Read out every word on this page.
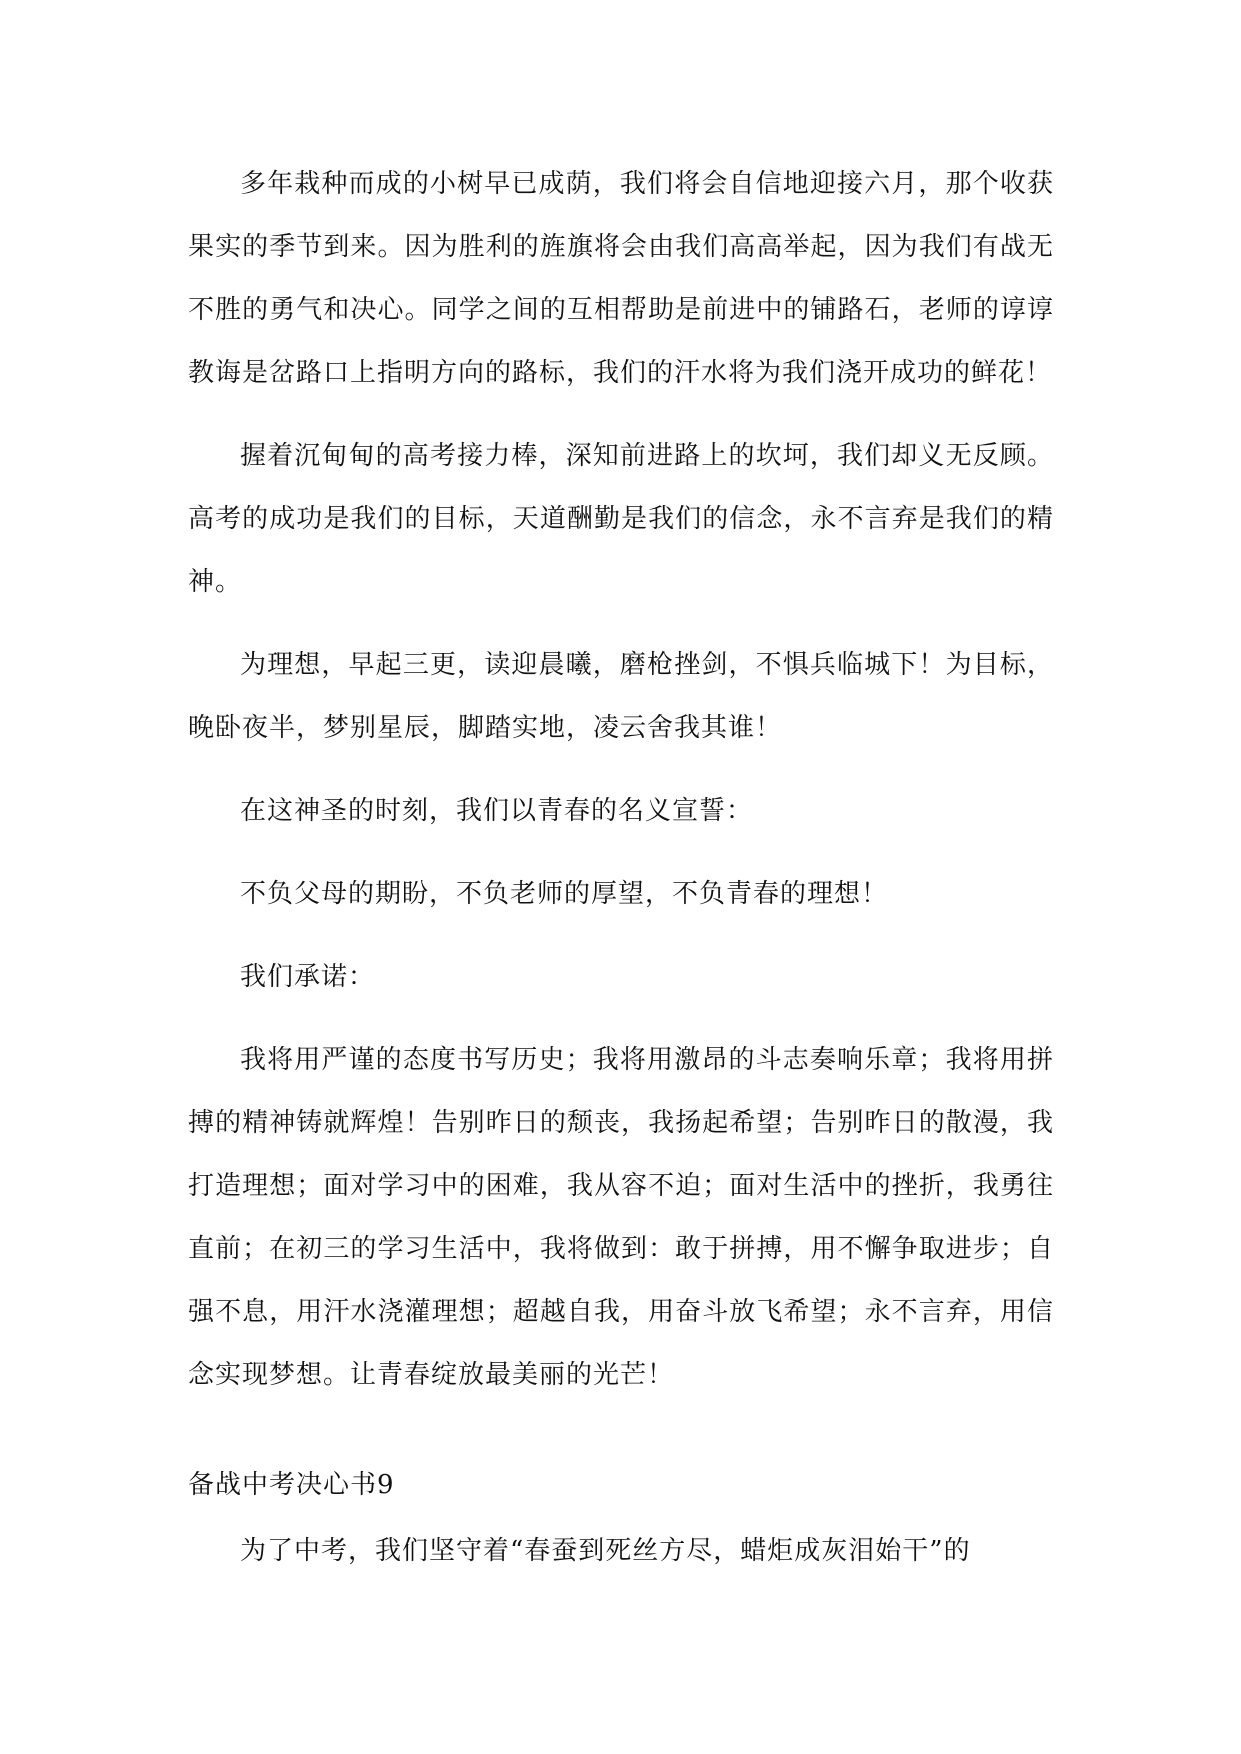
多年栽种而成的小树早已成荫，我们将会自信地迎接六月，那个收获果实的季节到来。因为胜利的旌旗将会由我们高高举起，因为我们有战无不胜的勇气和决心。同学之间的互相帮助是前进中的铺路石，老师的谆谆教诲是岔路口上指明方向的路标，我们的汗水将为我们浇开成功的鲜花！

握着沉甸甸的高考接力棒，深知前进路上的坎坷，我们却义无反顾。高考的成功是我们的目标，天道酬勤是我们的信念，永不言弃是我们的精神。

为理想，早起三更，读迎晨曦，磨枪挫剑，不惧兵临城下！为目标，晚卧夜半，梦别星辰，脚踏实地，凌云舍我其谁！

在这神圣的时刻，我们以青春的名义宣誓：

不负父母的期盼，不负老师的厚望，不负青春的理想！

我们承诺：

我将用严谨的态度书写历史；我将用激昂的斗志奏响乐章；我将用拼搏的精神铸就辉煌！告别昨日的颓丧，我扬起希望；告别昨日的散漫，我打造理想；面对学习中的困难，我从容不迫；面对生活中的挫折，我勇往直前；在初三的学习生活中，我将做到：敢于拼搏，用不懈争取进步；自强不息，用汗水浇灌理想；超越自我，用奋斗放飞希望；永不言弃，用信念实现梦想。让青春绽放最美丽的光芒！

备战中考决心书9

为了中考，我们坚守着“春蚕到死丝方尽，蜡炬成灰泪始干”的
